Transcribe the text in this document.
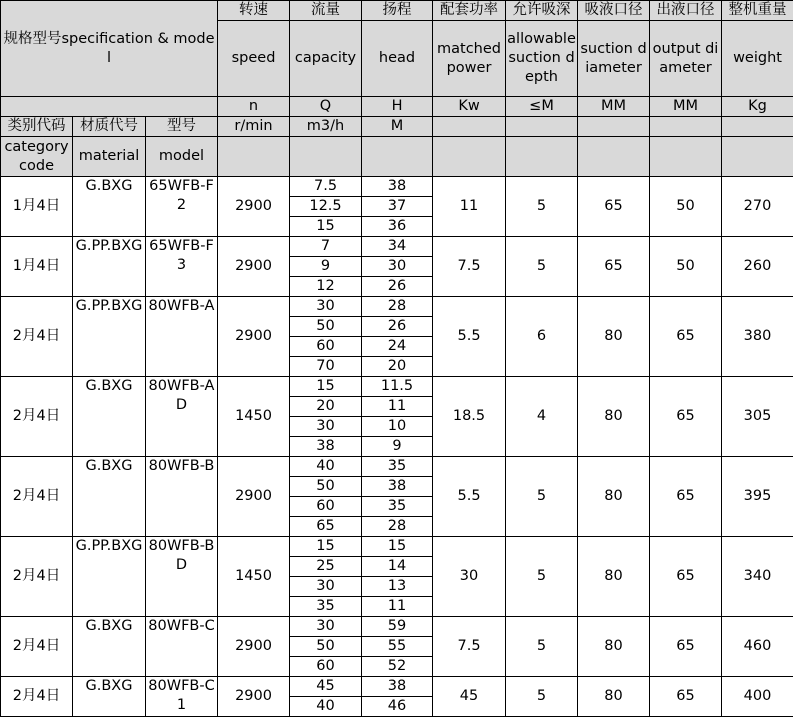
规格型号specification & model			转速	流量	扬程	配套功率	允许吸深	吸液口径	出液口径	整机重量
			speed	capacity	head	matched power	allowable suction depth	suction diameter	output diameter	weight
			n	Q	H	Kw	≤M	MM	MM	Kg
类别代码	材质代号	型号	r/min	m3/h	M					
category code	material	model								
1月4日	G.BXG	65WFB-F2	2900	7.5	38	11	5	65	50	270
				12.5	37					
				15	36					
1月4日	G.PP.BXG	65WFB-F3	2900	7	34	7.5	5	65	50	260
				9	30					
				12	26					
2月4日	G.PP.BXG	80WFB-A	2900	30	28	5.5	6	80	65	380
				50	26					
				60	24					
				70	20					
2月4日	G.BXG	80WFB-AD	1450	15	11.5	18.5	4	80	65	305
				20	11					
				30	10					
				38	9					
2月4日	G.BXG	80WFB-B	2900	40	35	5.5	5	80	65	395
				50	38					
				60	35					
				65	28					
2月4日	G.PP.BXG	80WFB-BD	1450	15	15	30	5	80	65	340
				25	14					
				30	13					
				35	11					
2月4日	G.BXG	80WFB-C	2900	30	59	7.5	5	80	65	460
				50	55					
				60	52					
2月4日	G.BXG	80WFB-C1	2900	45	38	45	5	80	65	400
				40	46					
